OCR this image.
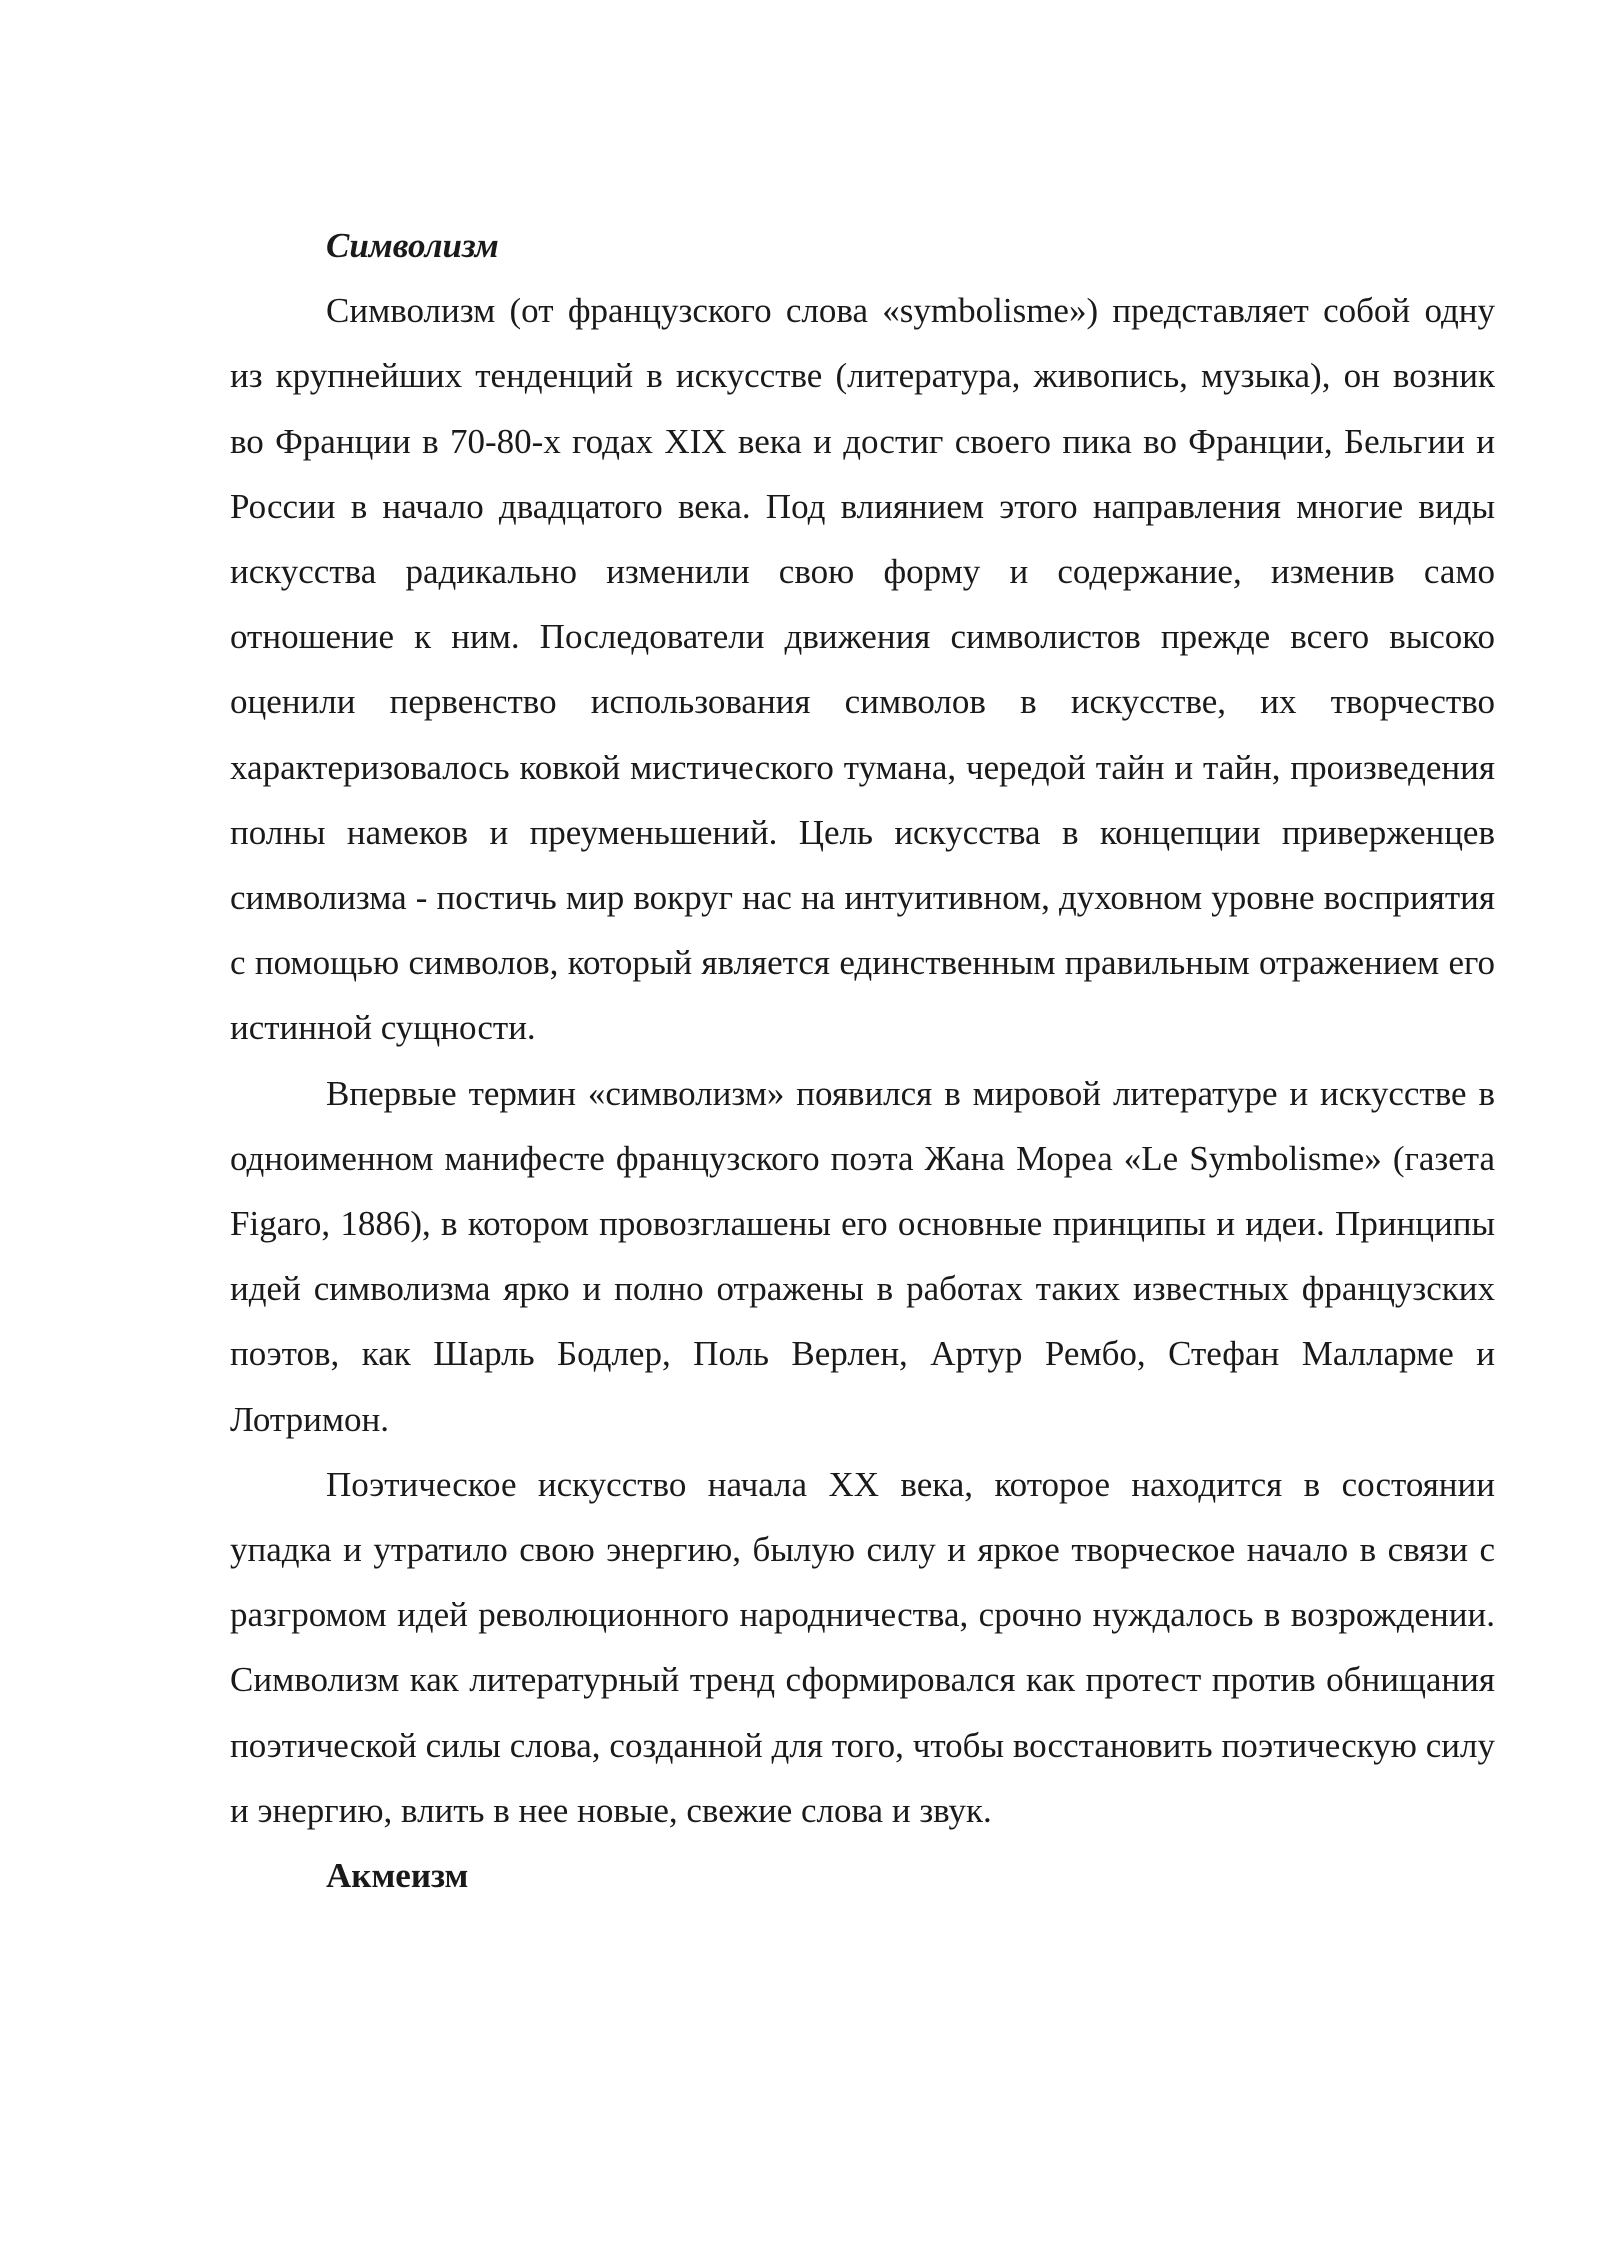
Символизм

Символизм (от французского слова «symbolisme») представляет собой одну из крупнейших тенденций в искусстве (литература, живопись, музыка), он возник во Франции в 70-80-х годах XIX века и достиг своего пика во Франции, Бельгии и России в начало двадцатого века. Под влиянием этого направления многие виды искусства радикально изменили свою форму и содержание, изменив само отношение к ним. Последователи движения символистов прежде всего высоко оценили первенство использования символов в искусстве, их творчество характеризовалось ковкой мистического тумана, чередой тайн и тайн, произведения полны намеков и преуменьшений. Цель искусства в концепции приверженцев символизма - постичь мир вокруг нас на интуитивном, духовном уровне восприятия с помощью символов, который является единственным правильным отражением его истинной сущности.

Впервые термин «символизм» появился в мировой литературе и искусстве в одноименном манифесте французского поэта Жана Мореа «Le Symbolisme» (газета Figaro, 1886), в котором провозглашены его основные принципы и идеи. Принципы идей символизма ярко и полно отражены в работах таких известных французских поэтов, как Шарль Бодлер, Поль Верлен, Артур Рембо, Стефан Малларме и Лотримон.

Поэтическое искусство начала XX века, которое находится в состоянии упадка и утратило свою энергию, былую силу и яркое творческое начало в связи с разгромом идей революционного народничества, срочно нуждалось в возрождении. Символизм как литературный тренд сформировался как протест против обнищания поэтической силы слова, созданной для того, чтобы восстановить поэтическую силу и энергию, влить в нее новые, свежие слова и звук.

Акмеизм
